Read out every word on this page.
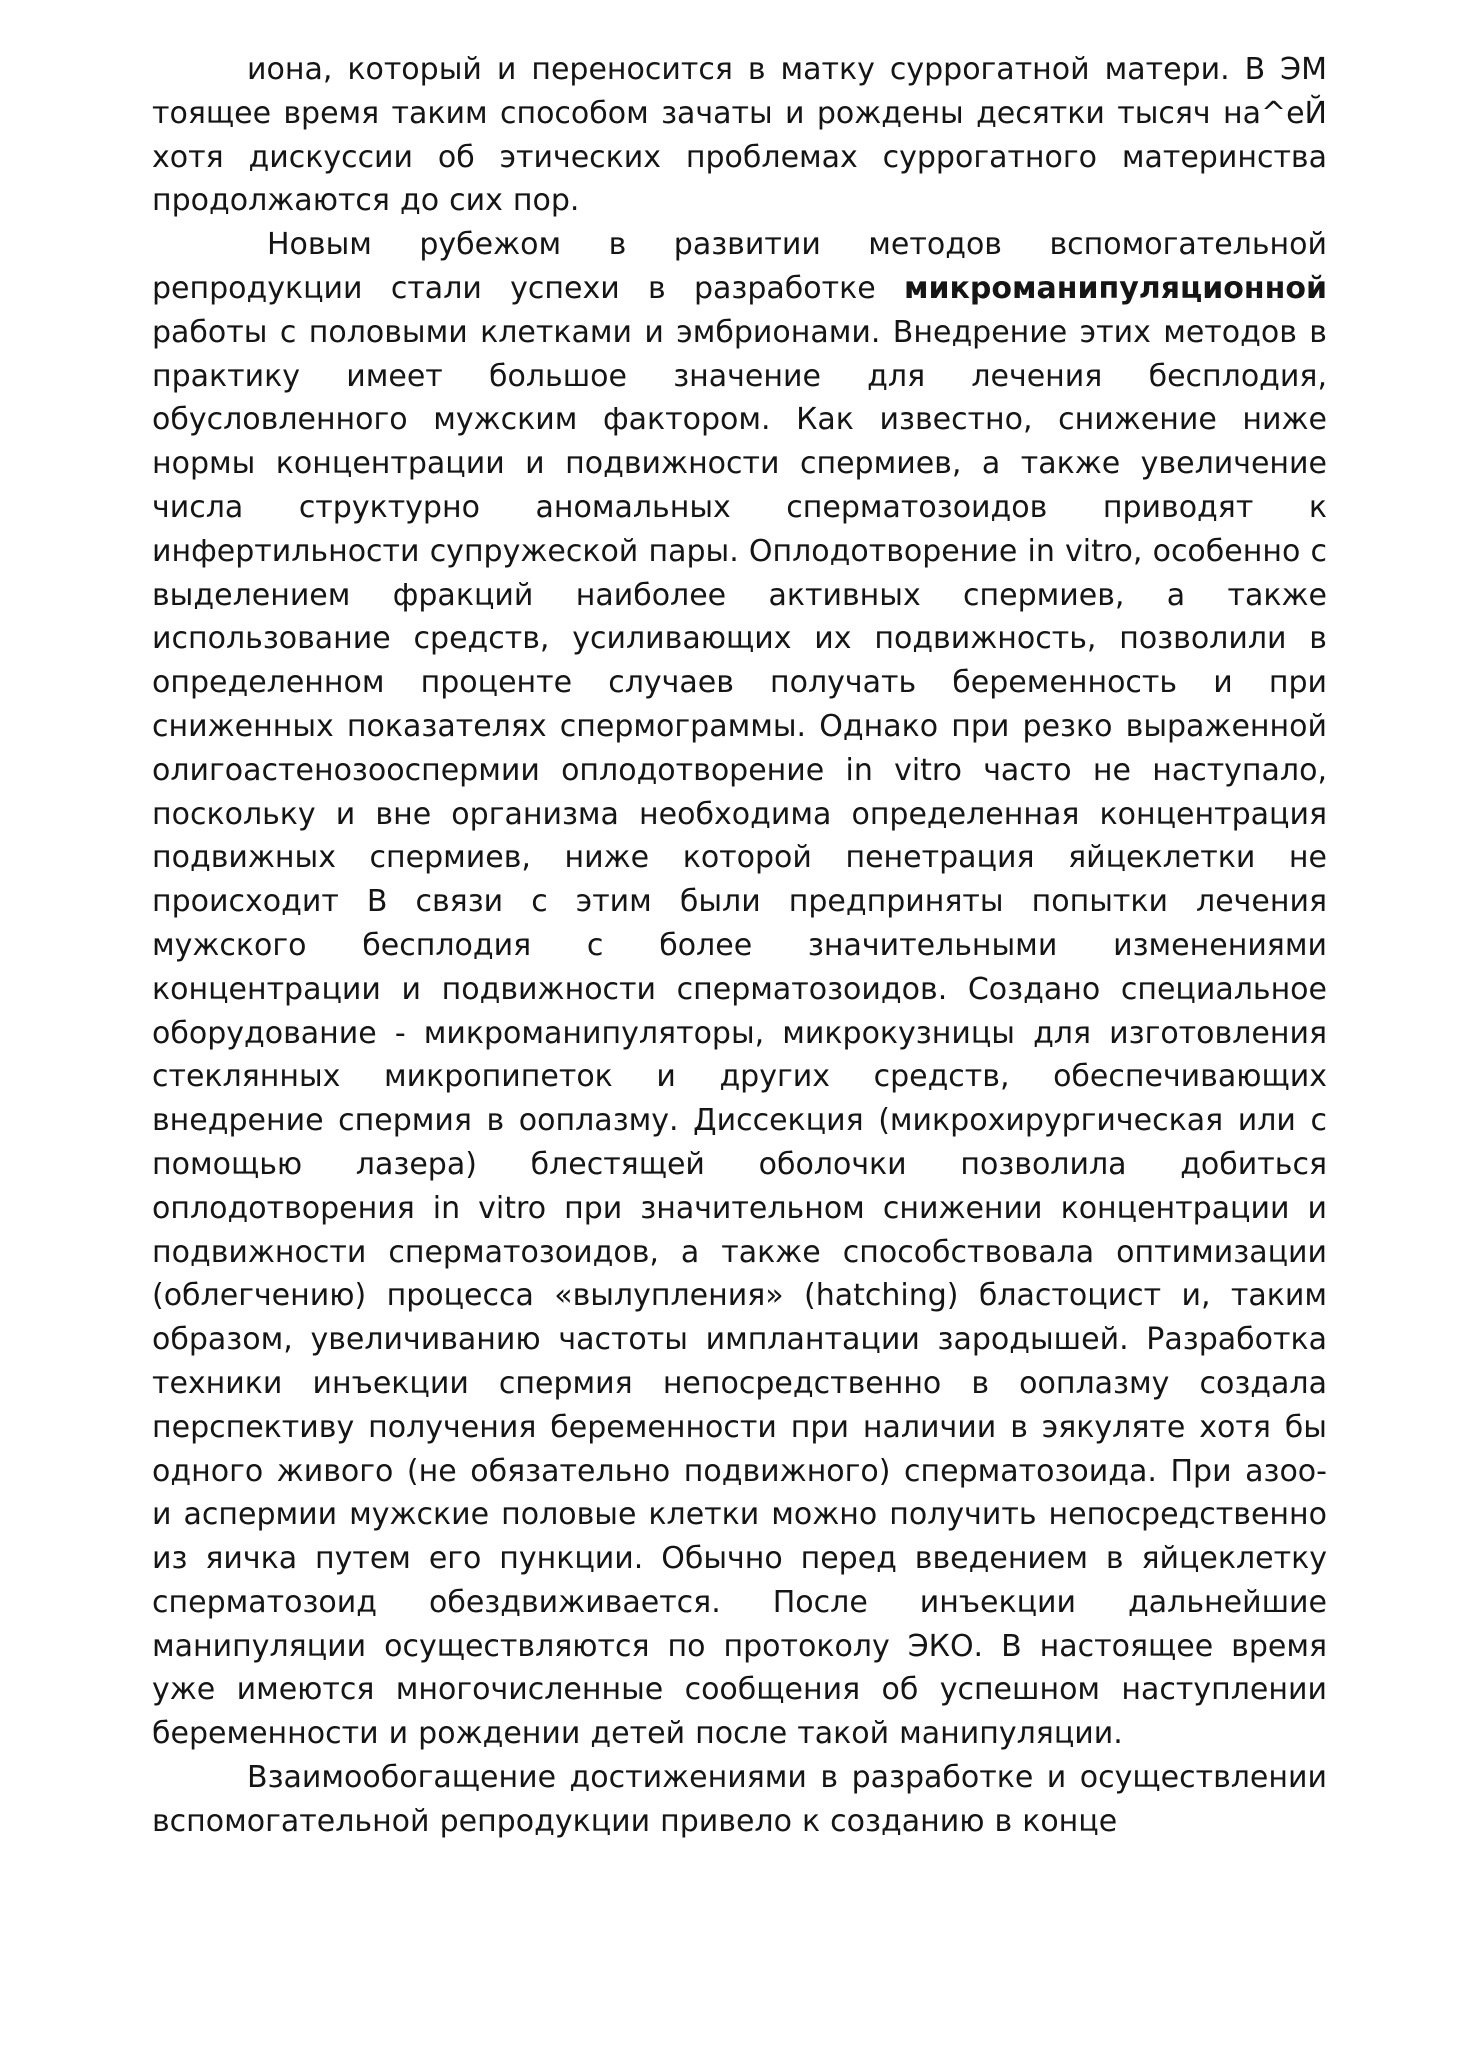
иона, который и переносится в матку суррогатной матери. В ЭМ тоящее время таким способом зачаты и рождены десятки тысяч на^еЙ хотя дискуссии об этических проблемах суррогатного материнства продолжаются до сих пор.

Новым рубежом в развитии методов вспомогательной репродукции стали успехи в разработке микроманипуляционной работы с половыми клетками и эмбрионами. Внедрение этих методов в практику имеет большое значение для лечения бесплодия, обусловленного мужским фактором. Как известно, снижение ниже нормы концентрации и подвижности спермиев, а также увеличение числа структурно аномальных сперматозоидов приводят к инфертильности супружеской пары. Оплодотворение in vitro, особенно с выделением фракций наиболее активных спермиев, а также использование средств, усиливающих их подвижность, позволили в определенном проценте случаев получать беременность и при сниженных показателях спермограммы. Однако при резко выраженной олигоастенозооспермии оплодотворение in vitro часто не наступало, поскольку и вне организма необходима определенная концентрация подвижных спермиев, ниже которой пенетрация яйцеклетки не происходит В связи с этим были предприняты попытки лечения мужского бесплодия с более значительными изменениями концентрации и подвижности сперматозоидов. Создано специальное оборудование - микроманипуляторы, микрокузницы для изготовления стеклянных микропипеток и других средств, обеспечивающих внедрение спермия в ооплазму. Диссекция (микрохирургическая или с помощью лазера) блестящей оболочки позволила добиться оплодотворения in vitro при значительном снижении концентрации и подвижности сперматозоидов, а также способствовала оптимизации (облегчению) процесса «вылупления» (hatching) бластоцист и, таким образом, увеличиванию частоты имплантации зародышей. Разработка техники инъекции спермия непосредственно в ооплазму создала перспективу получения беременности при наличии в эякуляте хотя бы одного живого (не обязательно подвижного) сперматозоида. При азоо- и аспермии мужские половые клетки можно получить непосредственно из яичка путем его пункции. Обычно перед введением в яйцеклетку сперматозоид обездвиживается. После инъекции дальнейшие манипуляции осуществляются по протоколу ЭКО. В настоящее время уже имеются многочисленные сообщения об успешном наступлении беременности и рождении детей после такой манипуляции.

Взаимообогащение достижениями в разработке и осуществлении вспомогательной репродукции привело к созданию в конце
